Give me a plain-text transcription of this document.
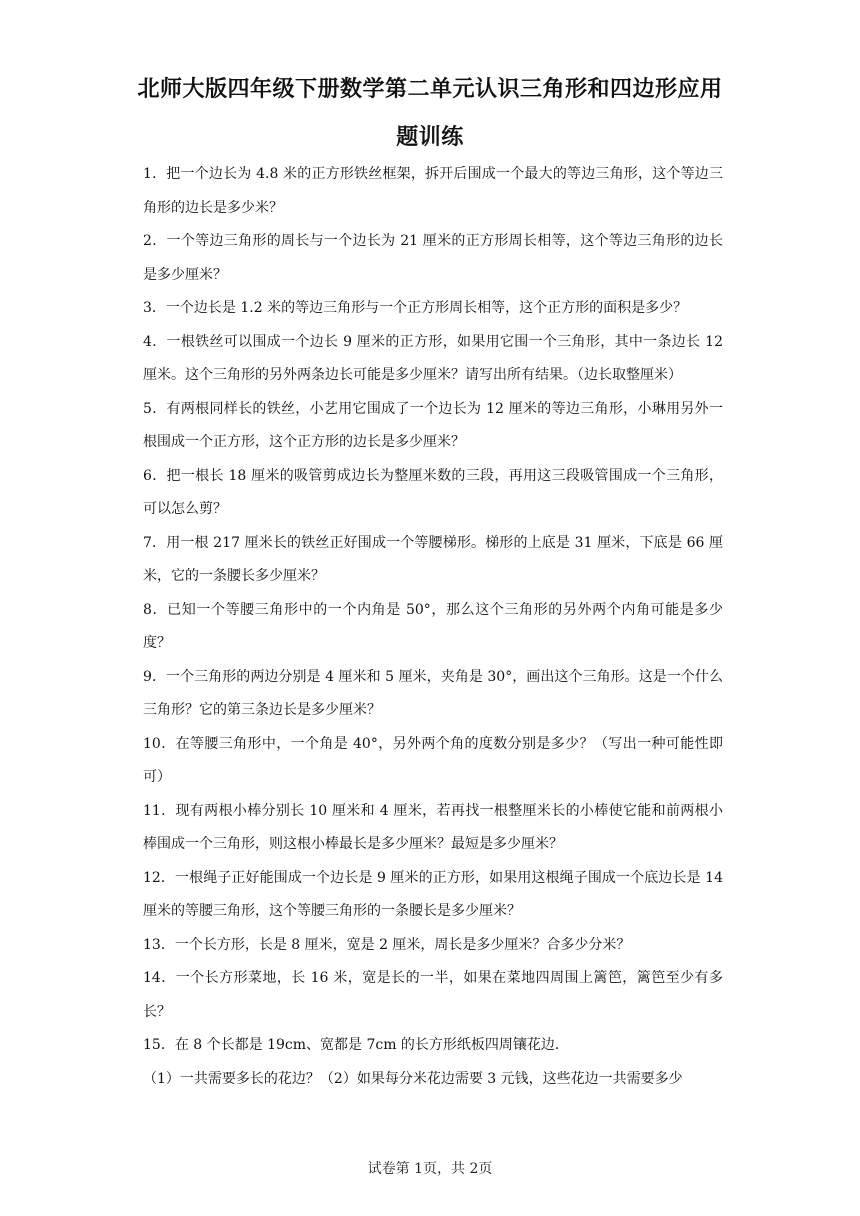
北师大版四年级下册数学第二单元认识三角形和四边形应用
题训练

1．把一个边长为 4.8 米的正方形铁丝框架，拆开后围成一个最大的等边三角形，这个等边三角形的边长是多少米？

2．一个等边三角形的周长与一个边长为 21 厘米的正方形周长相等，这个等边三角形的边长是多少厘米？

3．一个边长是 1.2 米的等边三角形与一个正方形周长相等，这个正方形的面积是多少？

4．一根铁丝可以围成一个边长 9 厘米的正方形，如果用它围一个三角形，其中一条边长 12 厘米。这个三角形的另外两条边长可能是多少厘米？请写出所有结果。（边长取整厘米）

5．有两根同样长的铁丝，小艺用它围成了一个边长为 12 厘米的等边三角形，小琳用另外一根围成一个正方形，这个正方形的边长是多少厘米？

6．把一根长 18 厘米的吸管剪成边长为整厘米数的三段，再用这三段吸管围成一个三角形，可以怎么剪？

7．用一根 217 厘米长的铁丝正好围成一个等腰梯形。梯形的上底是 31 厘米，下底是 66 厘米，它的一条腰长多少厘米？

8．已知一个等腰三角形中的一个内角是 50°，那么这个三角形的另外两个内角可能是多少度？

9．一个三角形的两边分别是 4 厘米和 5 厘米，夹角是 30°，画出这个三角形。这是一个什么三角形？它的第三条边长是多少厘米？

10．在等腰三角形中，一个角是 40°，另外两个角的度数分别是多少？（写出一种可能性即可）

11．现有两根小棒分别长 10 厘米和 4 厘米，若再找一根整厘米长的小棒使它能和前两根小棒围成一个三角形，则这根小棒最长是多少厘米？最短是多少厘米？

12．一根绳子正好能围成一个边长是 9 厘米的正方形，如果用这根绳子围成一个底边长是 14 厘米的等腰三角形，这个等腰三角形的一条腰长是多少厘米？

13．一个长方形，长是 8 厘米，宽是 2 厘米，周长是多少厘米？合多少分米？

14．一个长方形菜地，长 16 米，宽是长的一半，如果在菜地四周围上篱笆，篱笆至少有多长？

15．在 8 个长都是 19cm、宽都是 7cm 的长方形纸板四周镶花边．

（1）一共需要多长的花边？（2）如果每分米花边需要 3 元钱，这些花边一共需要多少

试卷第 1页，共 2页
